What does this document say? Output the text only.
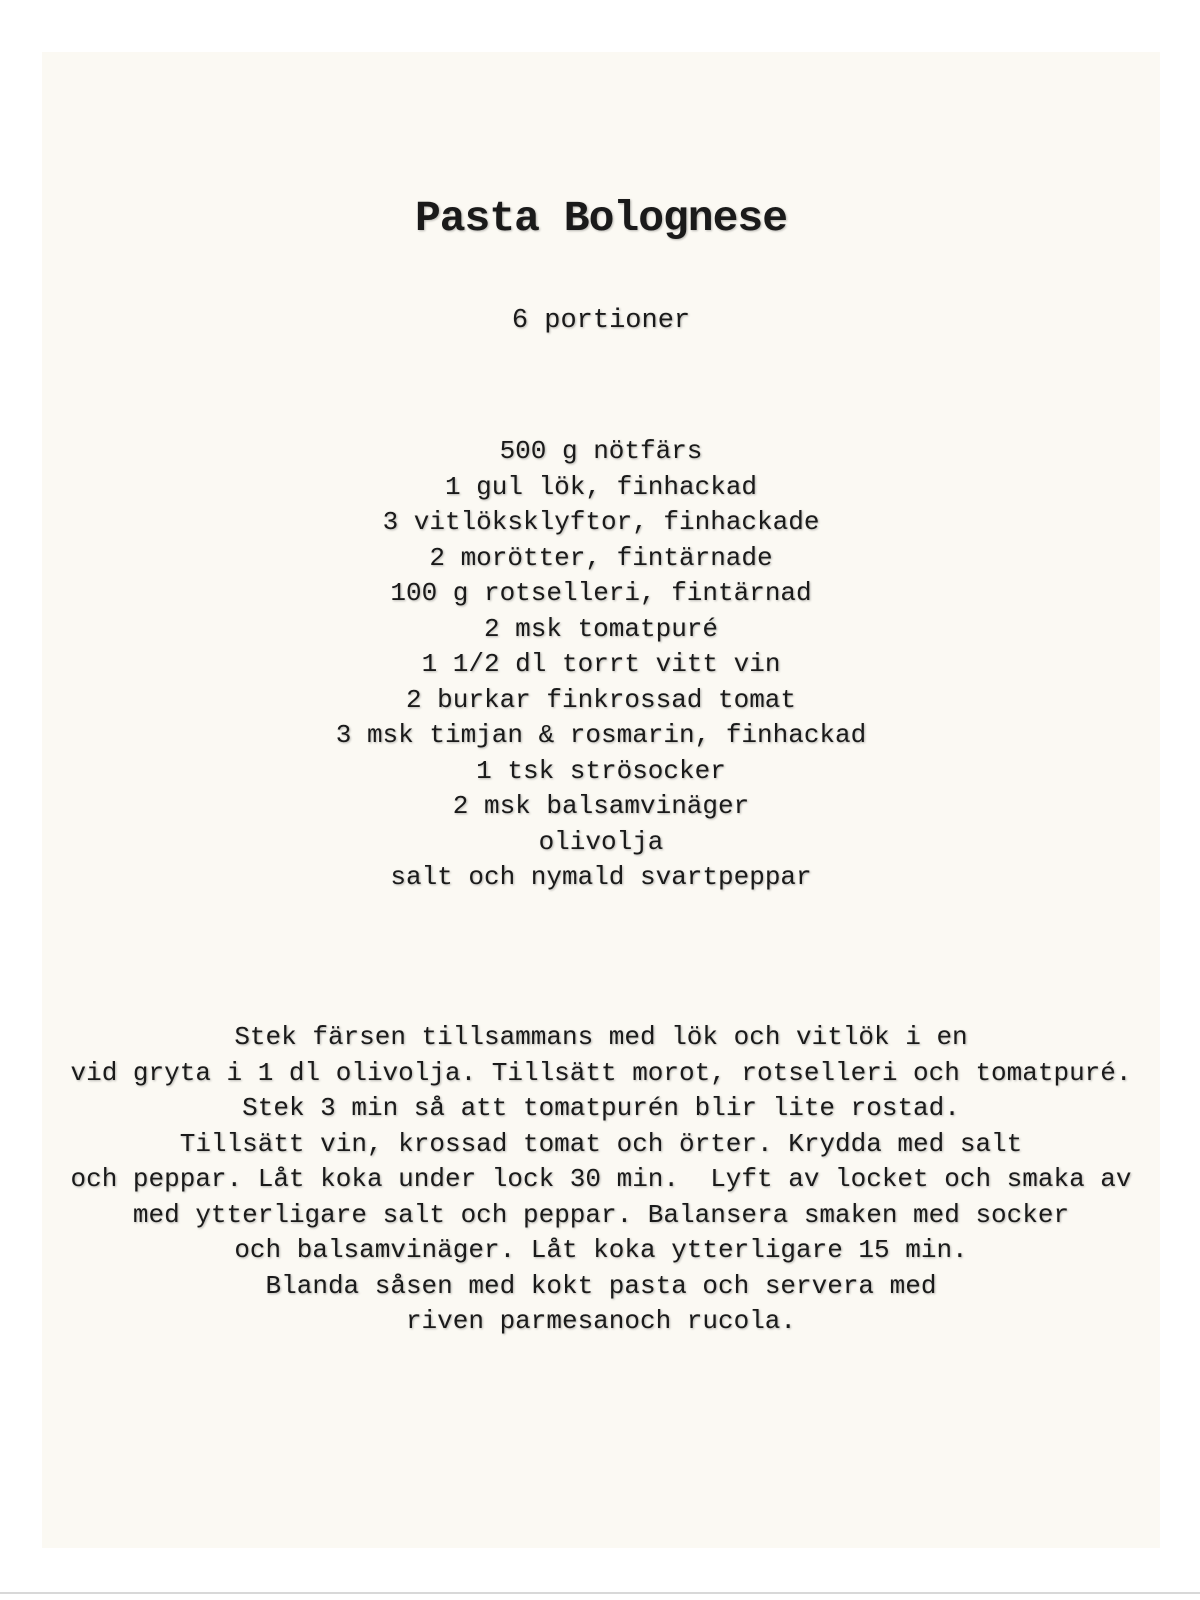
Pasta Bolognese

6 portioner

500 g nötfärs
1 gul lök, finhackad
3 vitlöksklyftor, finhackade
2 morötter, fintärnade
100 g rotselleri, fintärnad
2 msk tomatpuré
1 1/2 dl torrt vitt vin
2 burkar finkrossad tomat
3 msk timjan & rosmarin, finhackad
1 tsk strösocker
2 msk balsamvinäger
olivolja
salt och nymald svartpeppar
Stek färsen tillsammans med lök och vitlök i en
vid gryta i 1 dl olivolja. Tillsätt morot, rotselleri och tomatpuré.
Stek 3 min så att tomatpurén blir lite rostad.
Tillsätt vin, krossad tomat och örter. Krydda med salt
och peppar. Låt koka under lock 30 min.  Lyft av locket och smaka av
med ytterligare salt och peppar. Balansera smaken med socker
och balsamvinäger. Låt koka ytterligare 15 min.
Blanda såsen med kokt pasta och servera med
riven parmesanoch rucola.
